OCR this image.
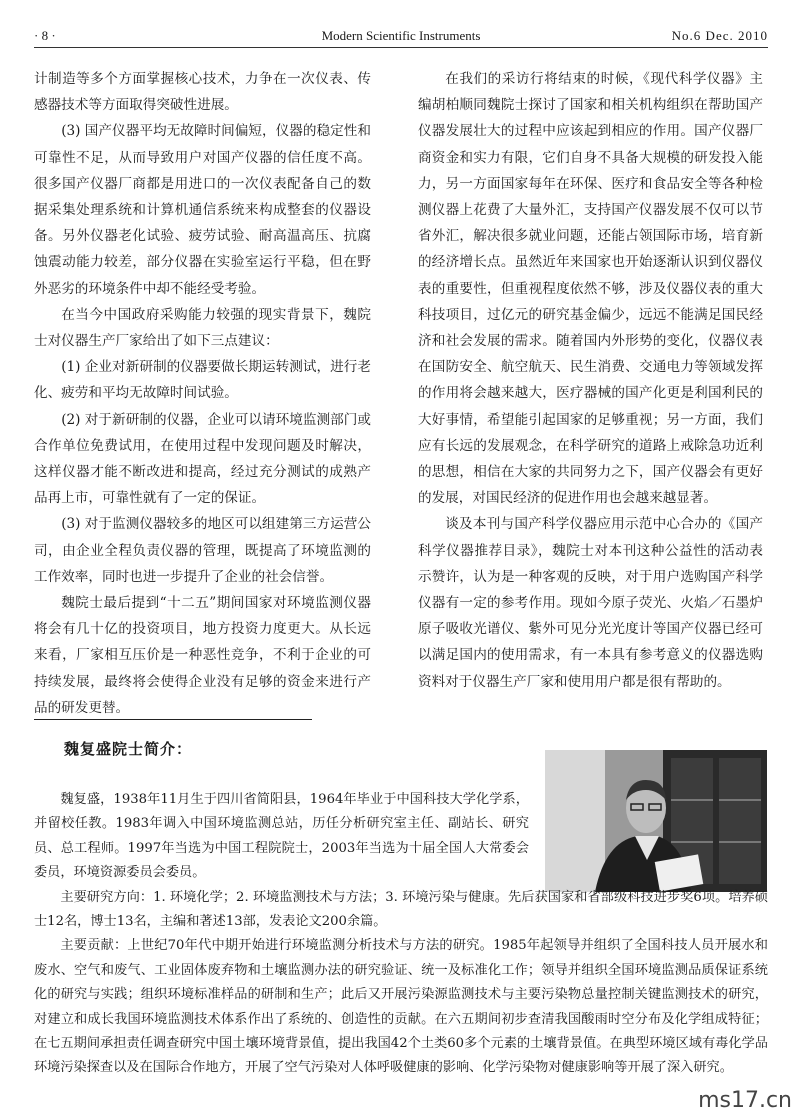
· 8 ·	Modern Scientific Instruments	No.6 Dec. 2010

计制造等多个方面掌握核心技术，力争在一次仪表、传感器技术等方面取得突破性进展。

(3) 国产仪器平均无故障时间偏短，仪器的稳定性和可靠性不足，从而导致用户对国产仪器的信任度不高。很多国产仪器厂商都是用进口的一次仪表配备自己的数据采集处理系统和计算机通信系统来构成整套的仪器设备。另外仪器老化试验、疲劳试验、耐高温高压、抗腐蚀震动能力较差，部分仪器在实验室运行平稳，但在野外恶劣的环境条件中却不能经受考验。

在当今中国政府采购能力较强的现实背景下，魏院士对仪器生产厂家给出了如下三点建议：

(1) 企业对新研制的仪器要做长期运转测试，进行老化、疲劳和平均无故障时间试验。

(2) 对于新研制的仪器，企业可以请环境监测部门或合作单位免费试用，在使用过程中发现问题及时解决，这样仪器才能不断改进和提高，经过充分测试的成熟产品再上市，可靠性就有了一定的保证。

(3) 对于监测仪器较多的地区可以组建第三方运营公司，由企业全程负责仪器的管理，既提高了环境监测的工作效率，同时也进一步提升了企业的社会信誉。

魏院士最后提到“十二五”期间国家对环境监测仪器将会有几十亿的投资项目，地方投资力度更大。从长远来看，厂家相互压价是一种恶性竞争，不利于企业的可持续发展，最终将会使得企业没有足够的资金来进行产品的研发更替。

在我们的采访行将结束的时候，《现代科学仪器》主编胡柏顺同魏院士探讨了国家和相关机构组织在帮助国产仪器发展壮大的过程中应该起到相应的作用。国产仪器厂商资金和实力有限，它们自身不具备大规模的研发投入能力，另一方面国家每年在环保、医疗和食品安全等各种检测仪器上花费了大量外汇，支持国产仪器发展不仅可以节省外汇，解决很多就业问题，还能占领国际市场，培育新的经济增长点。虽然近年来国家也开始逐渐认识到仪器仪表的重要性，但重视程度依然不够，涉及仪器仪表的重大科技项目，过亿元的研究基金偏少，远远不能满足国民经济和社会发展的需求。随着国内外形势的变化，仪器仪表在国防安全、航空航天、民生消费、交通电力等领域发挥的作用将会越来越大，医疗器械的国产化更是利国利民的大好事情，希望能引起国家的足够重视；另一方面，我们应有长远的发展观念，在科学研究的道路上戒除急功近利的思想，相信在大家的共同努力之下，国产仪器会有更好的发展，对国民经济的促进作用也会越来越显著。

谈及本刊与国产科学仪器应用示范中心合办的《国产科学仪器推荐目录》，魏院士对本刊这种公益性的活动表示赞许，认为是一种客观的反映，对于用户选购国产科学仪器有一定的参考作用。现如今原子荧光、火焰／石墨炉原子吸收光谱仪、紫外可见分光光度计等国产仪器已经可以满足国内的使用需求，有一本具有参考意义的仪器选购资料对于仪器生产厂家和使用用户都是很有帮助的。

魏复盛院士简介：

魏复盛，1938年11月生于四川省简阳县，1964年毕业于中国科技大学化学系，并留校任教。1983年调入中国环境监测总站，历任分析研究室主任、副站长、研究员、总工程师。1997年当选为中国工程院院士，2003年当选为十届全国人大常委会委员，环境资源委员会委员。

主要研究方向：1. 环境化学；2. 环境监测技术与方法；3. 环境污染与健康。先后获国家和省部级科技进步奖6项。培养硕士12名，博士13名，主编和著述13部，发表论文200余篇。

主要贡献：上世纪70年代中期开始进行环境监测分析技术与方法的研究。1985年起领导并组织了全国科技人员开展水和废水、空气和废气、工业固体废弃物和土壤监测办法的研究验证、统一及标准化工作；领导并组织全国环境监测品质保证系统化的研究与实践；组织环境标准样品的研制和生产；此后又开展污染源监测技术与主要污染物总量控制关键监测技术的研究，对建立和成长我国环境监测技术体系作出了系统的、创造性的贡献。在六五期间初步查清我国酸雨时空分布及化学组成特征；在七五期间承担责任调查研究中国土壤环境背景值，提出我国42个土类60多个元素的土壤背景值。在典型环境区域有毒化学品环境污染探查以及在国际合作地方，开展了空气污染对人体呼吸健康的影响、化学污染物对健康影响等开展了深入研究。

ms17.cn
